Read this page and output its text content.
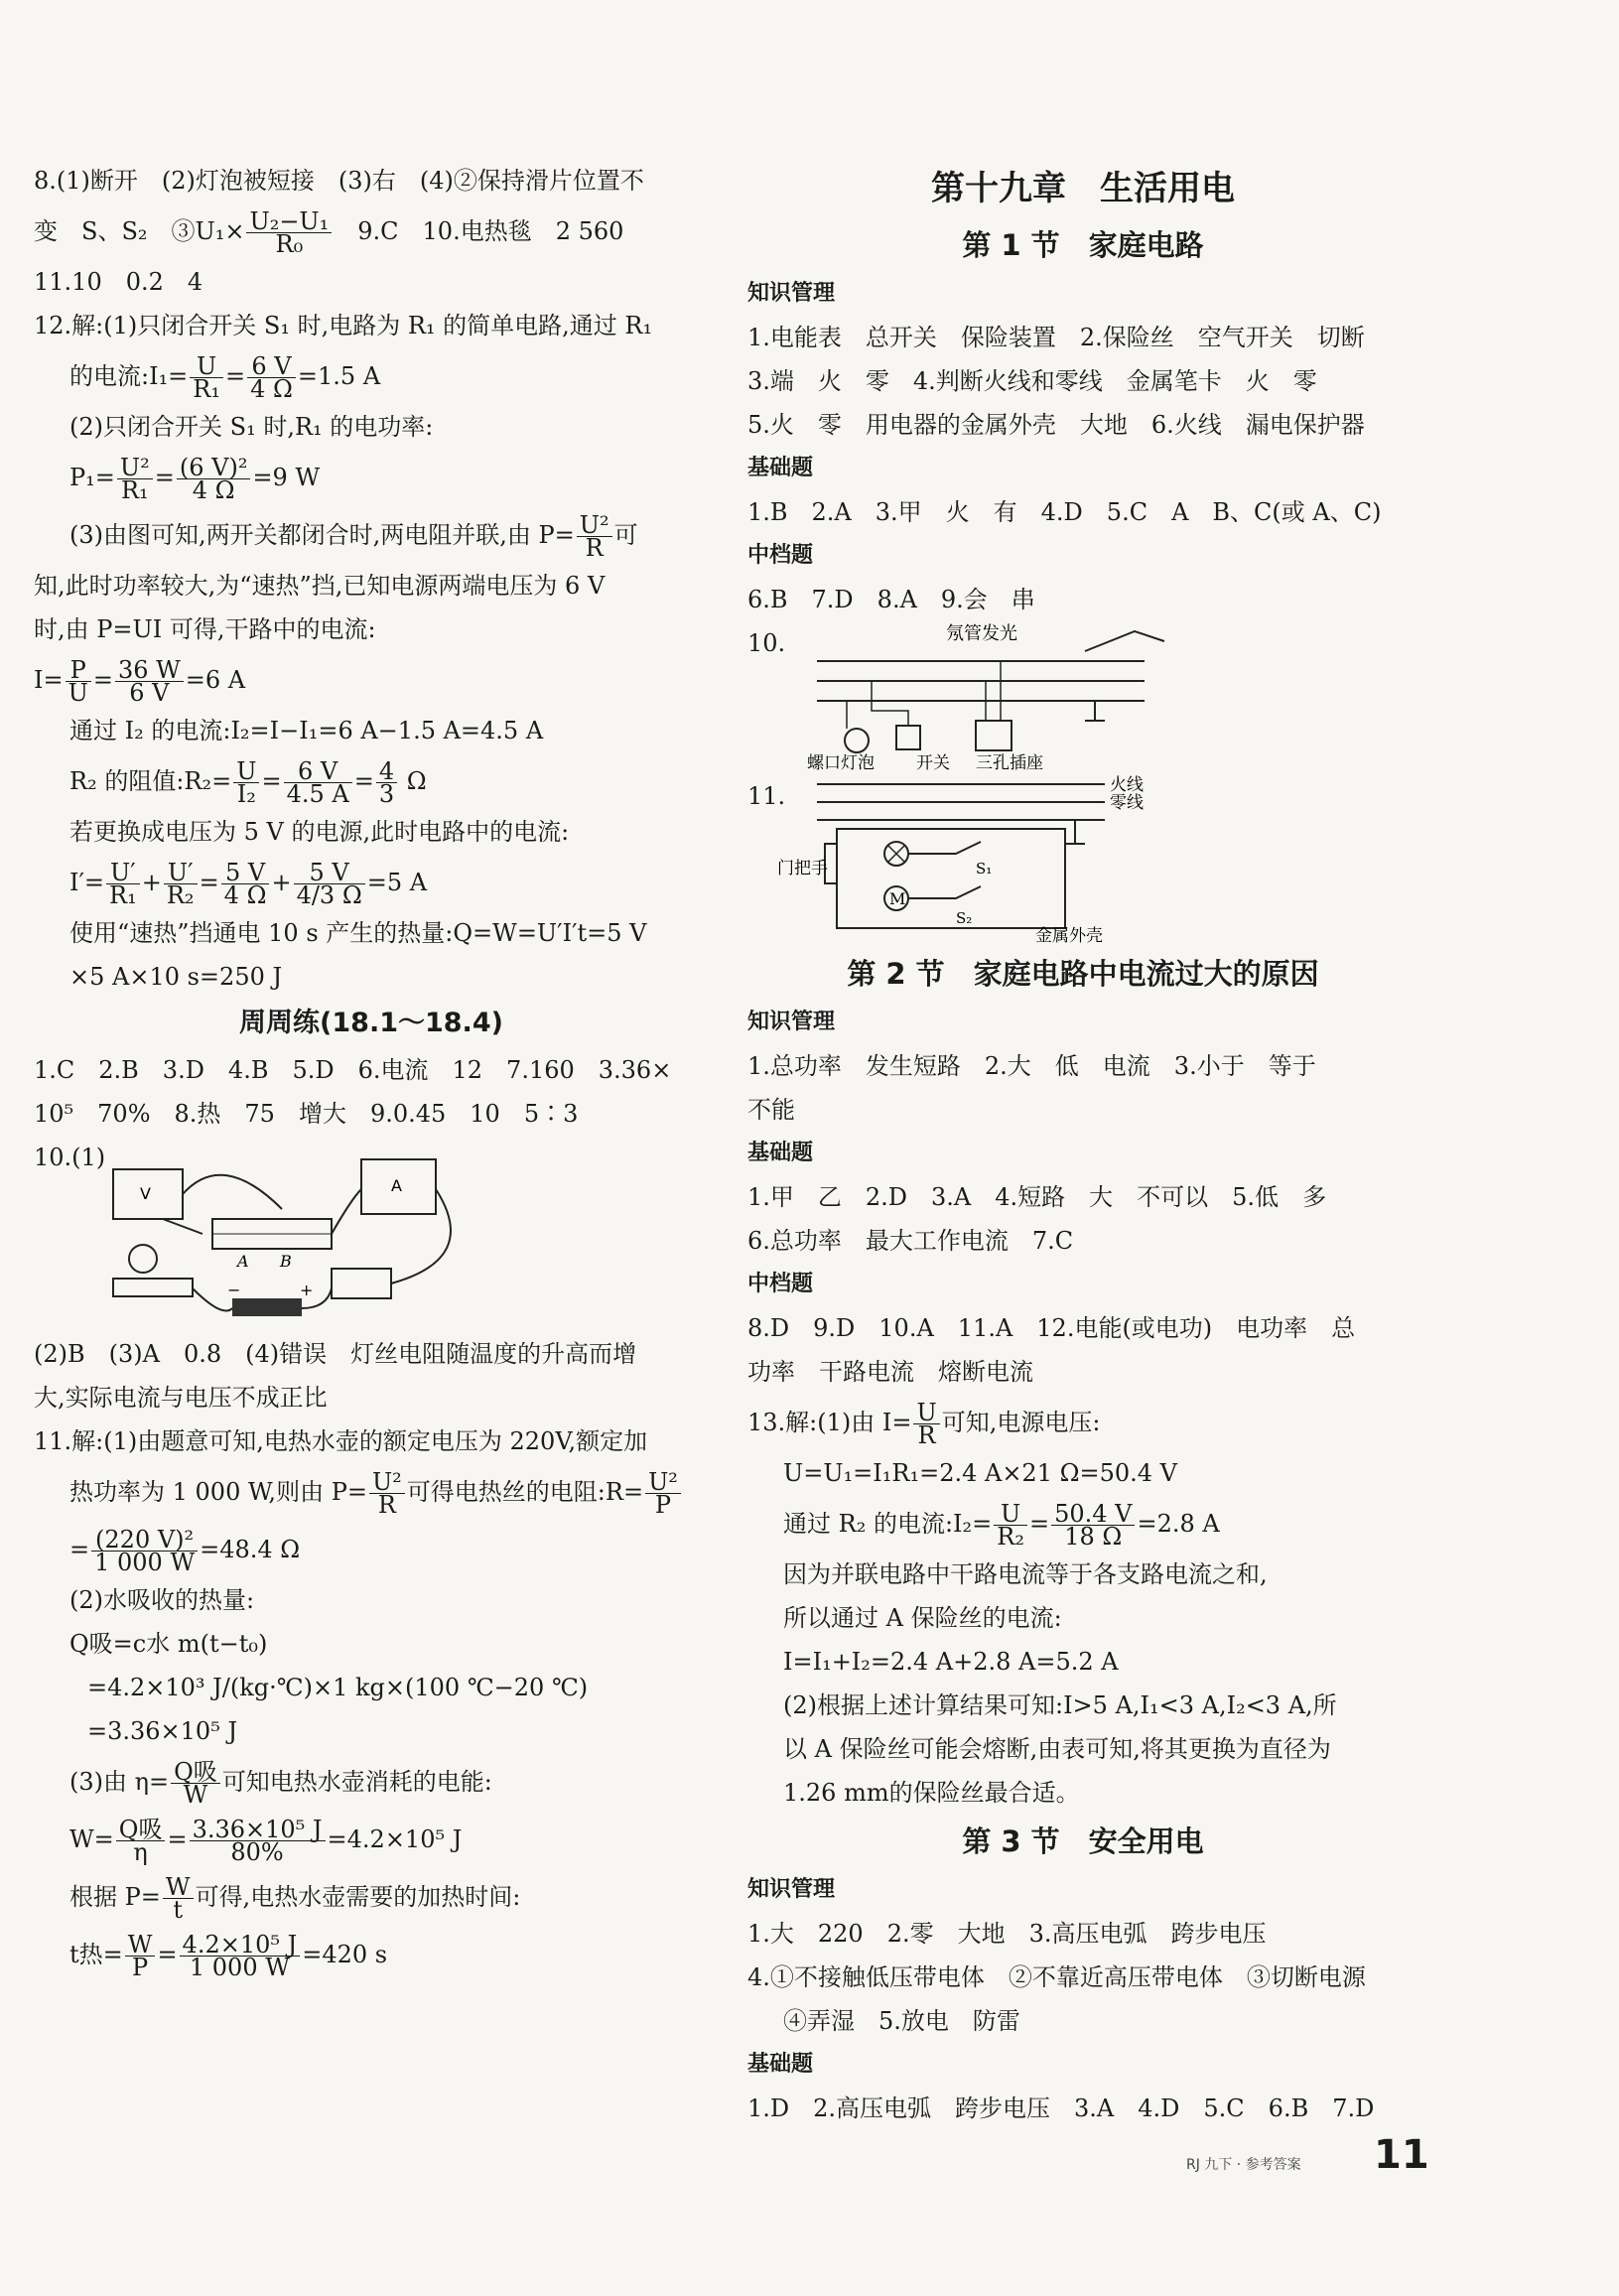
8.(1)断开　(2)灯泡被短接　(3)右　(4)②保持滑片位置不

变　S、S₂　③U₁× $\frac{\text{U₂−U₁}}{\text{R₀}}$ 　9.C　10.电热毯　2 560

11.10　0.2　4

12.解:(1)只闭合开关 S₁ 时,电路为 R₁ 的简单电路,通过 R₁

的电流:I₁= $\frac{U}{\text{R₁}} = \frac{6 V}{4 \Omega} =1.5$ A

(2)只闭合开关 S₁ 时,R₁ 的电功率:

$P_1= \frac{\text{U²}}{\text{R₁}} = \frac{\text{(6 V)²}}{4 \Omega} =9$ W

(3)由图可知,两开关都闭合时,两电阻并联,由 $P= \frac{\text{U²}}{R}$ 可

知,此时功率较大,为“速热”挡,已知电源两端电压为 6 V

时,由 P=UI 可得,干路中的电流:

$I= \frac{P}{U} = \frac{36 W}{6 V} =6$ A

通过 I₂ 的电流:I₂=I−I₁=6 A−1.5 A=4.5 A

R₂ 的阻值:R₂= $\frac{U}{\text{I₂}} = \frac{6 V}{4.5 A} = \frac{4}{3}$ Ω

若更换成电压为 5 V 的电源,此时电路中的电流:

$I'= \frac{U'}{\text{R₁}} + \frac{U'}{\text{R₂}} = \frac{5 V}{4 \Omega} + \frac{5 V}{4/3 \Omega} =5$ A

使用“速热”挡通电 10 s 产生的热量:Q=W=U′I′t=5 V

×5 A×10 s=250 J

周周练(18.1～18.4)

1.C　2.B　3.D　4.B　5.D　6.电流　12　7.160　3.36×

10⁵　70%　8.热　75　增大　9.0.45　10　5∶3

10.(1)

V	A
A B
−	+

(2)B　(3)A　0.8　(4)错误　灯丝电阻随温度的升高而增

大,实际电流与电压不成正比

11.解:(1)由题意可知,电热水壶的额定电压为 220V,额定加

热功率为 1 000 W,则由 $P= \frac{\text{U²}}{R}$ 可得电热丝的电阻:R= $\frac{\text{U²}}{P}$

= $\frac{\text{(220 V)²}}{1 000 W} =48.4$ Ω

(2)水吸收的热量:

Q吸=c水 m(t−t₀)

=4.2×10³ J/(kg·℃)×1 kg×(100 ℃−20 ℃)

=3.36×10⁵ J

(3)由 $\eta= \frac{\text{Q吸}}{W}$ 可知电热水壶消耗的电能:

$W= \frac{\text{Q吸}}{\eta} = \frac{\text{3.36×10⁵ J}}{80\%} =4.2\times 10^5$ J

根据 $P= \frac{W}{t}$ 可得,电热水壶需要的加热时间:

t热= $\frac{W}{P} = \frac{\text{4.2×10⁵ J}}{1 000 W} =420$ s

第十九章　生活用电

第 1 节　家庭电路

知识管理

1.电能表　总开关　保险装置　2.保险丝　空气开关　切断

3.端　火　零　4.判断火线和零线　金属笔卡　火　零

5.火　零　用电器的金属外壳　大地　6.火线　漏电保护器

基础题

1.B　2.A　3.甲　火　有　4.D　5.C　A　B、C(或 A、C)

中档题

6.B　7.D　8.A　9.会　串

10.	氖管发光
螺口灯泡 开关 三孔插座

11.	火线
零线
门把手
M
S₁
S₂
金属外壳

第 2 节　家庭电路中电流过大的原因

知识管理

1.总功率　发生短路　2.大　低　电流　3.小于　等于

不能

基础题

1.甲　乙　2.D　3.A　4.短路　大　不可以　5.低　多

6.总功率　最大工作电流　7.C

中档题

8.D　9.D　10.A　11.A　12.电能(或电功)　电功率　总

功率　干路电流　熔断电流

13.解:(1)由 $I= \frac{U}{R}$ 可知,电源电压:

U=U₁=I₁R₁=2.4 A×21 Ω=50.4 V

通过 R₂ 的电流:I₂= $\frac{U}{\text{R₂}} = \frac{50.4 V}{18 \Omega} =2.8$ A

因为并联电路中干路电流等于各支路电流之和,

所以通过 A 保险丝的电流:

I=I₁+I₂=2.4 A+2.8 A=5.2 A

(2)根据上述计算结果可知:I>5 A,I₁<3 A,I₂<3 A,所

以 A 保险丝可能会熔断,由表可知,将其更换为直径为

1.26 mm的保险丝最合适。

第 3 节　安全用电

知识管理

1.大　220　2.零　大地　3.高压电弧　跨步电压

4.①不接触低压带电体　②不靠近高压带电体　③切断电源

④弄湿　5.放电　防雷

基础题

1.D　2.高压电弧　跨步电压　3.A　4.D　5.C　6.B　7.D

RJ 九下 · 参考答案 11
